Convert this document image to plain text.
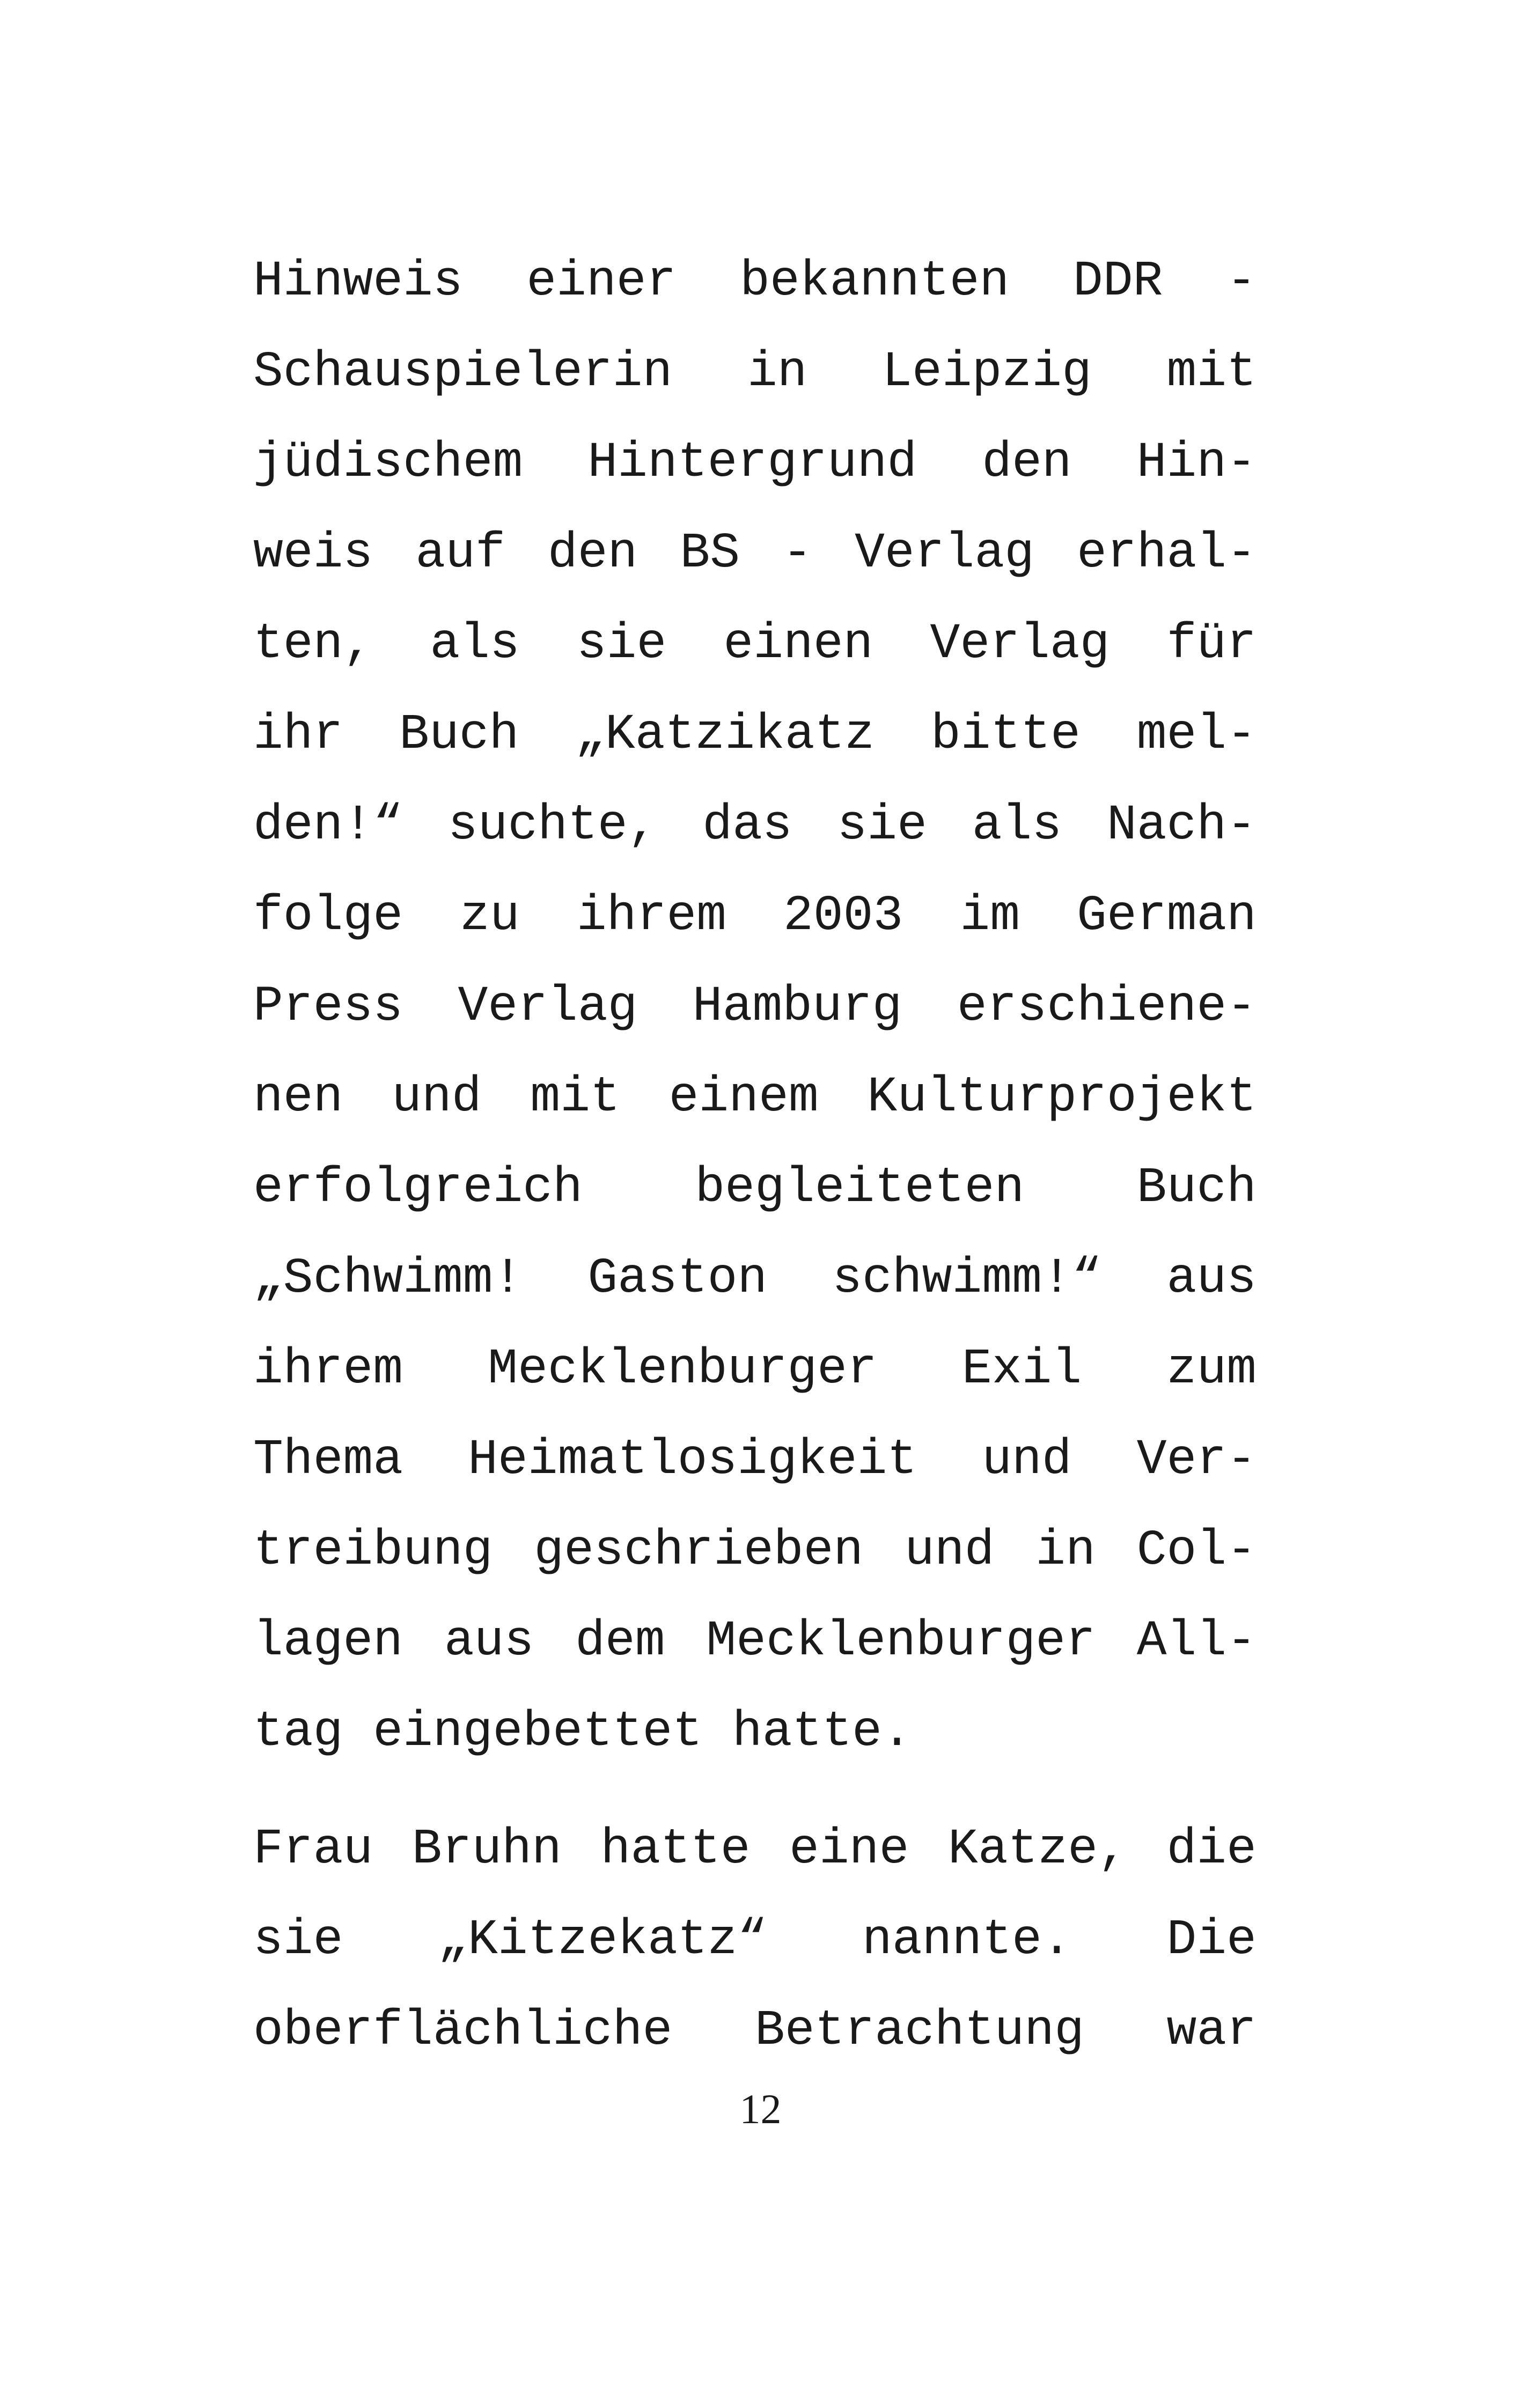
Hinweis einer bekannten DDR -
Schauspielerin in Leipzig mit
jüdischem Hintergrund den Hin-
weis auf den BS - Verlag erhal-
ten, als sie einen Verlag für
ihr Buch „Katzikatz bitte mel-
den!“ suchte, das sie als Nach-
folge zu ihrem 2003 im German
Press Verlag Hamburg erschiene-
nen und mit einem Kulturprojekt
erfolgreich begleiteten Buch
„Schwimm! Gaston schwimm!“ aus
ihrem Mecklenburger Exil zum
Thema Heimatlosigkeit und Ver-
treibung geschrieben und in Col-
lagen aus dem Mecklenburger All-
tag eingebettet hatte.
Frau Bruhn hatte eine Katze, die
sie „Kitzekatz“ nannte. Die
oberflächliche Betrachtung war
12
